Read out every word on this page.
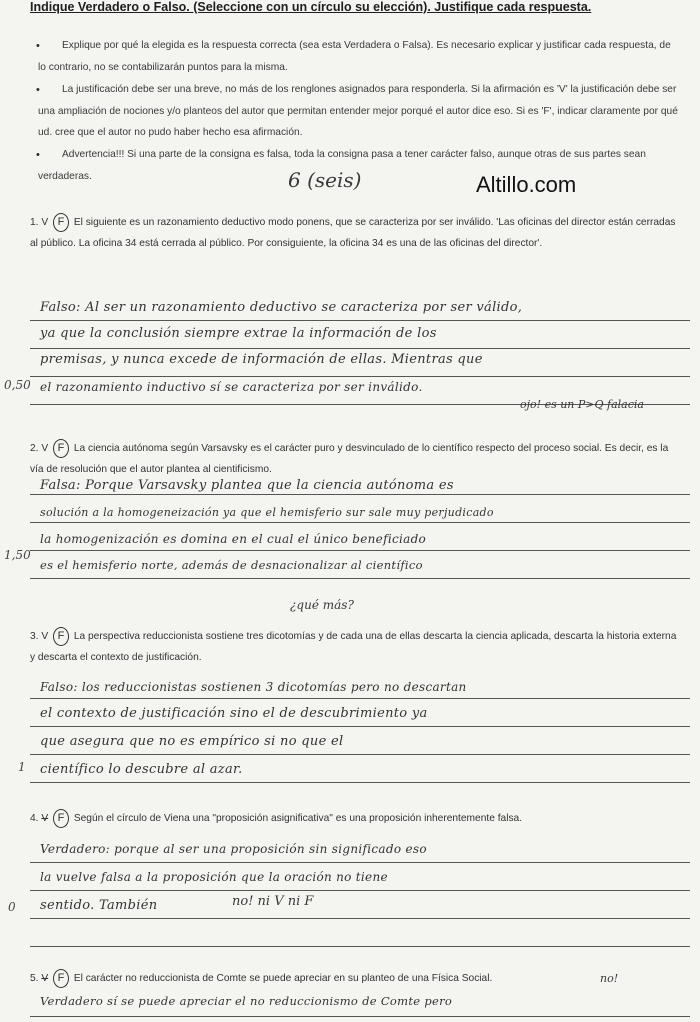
Indique Verdadero o Falso. (Seleccione con un círculo su elección). Justifique cada respuesta.
•	Explique por qué la elegida es la respuesta correcta (sea esta Verdadera o Falsa). Es necesario explicar y justificar cada respuesta, de lo contrario, no se contabilizarán puntos para la misma.
•	La justificación debe ser una breve, no más de los renglones asignados para responderla. Si la afirmación es 'V' la justificación debe ser una ampliación de nociones y/o planteos del autor que permitan entender mejor porqué el autor dice eso. Si es 'F', indicar claramente por qué ud. cree que el autor no pudo haber hecho esa afirmación.
•	Advertencia!!! Si una parte de la consigna es falsa, toda la consigna pasa a tener carácter falso, aunque otras de sus partes sean verdaderas.	6 (seis)	Altillo.com
1. V F El siguiente es un razonamiento deductivo modo ponens, que se caracteriza por ser inválido. 'Las oficinas del director están cerradas al público. La oficina 34 está cerrada al público. Por consiguiente, la oficina 34 es una de las oficinas del director'.
Falso: Al ser un razonamiento deductivo se caracteriza por ser válido,
ya que la conclusión siempre extrae la información de los
premisas, y nunca excede de información de ellas. Mientras que
el razonamiento inductivo sí se caracteriza por ser inválido.
ojo! es un P>Q falacia
0,50
2. V F La ciencia autónoma según Varsavsky es el carácter puro y desvinculado de lo científico respecto del proceso social. Es decir, es la vía de resolución que el autor plantea al cientificismo.
Falsa: Porque Varsavsky plantea que la ciencia autónoma es
solución a la homogeneización ya que el hemisferio sur sale muy perjudicado
la homogenización es domina en el cual el único beneficiado
es el hemisferio norte, además de desnacionalizar al científico
¿qué más?
1,50
3. V F La perspectiva reduccionista sostiene tres dicotomías y de cada una de ellas descarta la ciencia aplicada, descarta la historia externa y descarta el contexto de justificación.
Falso: los reduccionistas sostienen 3 dicotomías pero no descartan
el contexto de justificación sino el de descubrimiento ya
que asegura que no es empírico si no que el
científico lo descubre al azar.
1
4. V F Según el círculo de Viena una "proposición asignificativa" es una proposición inherentemente falsa.
Verdadero: porque al ser una proposición sin significado eso
la vuelve falsa a la proposición que la oración no tiene
sentido. También	no! ni V ni F
0
5. V F El carácter no reduccionista de Comte se puede apreciar en su planteo de una Física Social.
Verdadero sí se puede apreciar el no reduccionismo de Comte pero
no!
